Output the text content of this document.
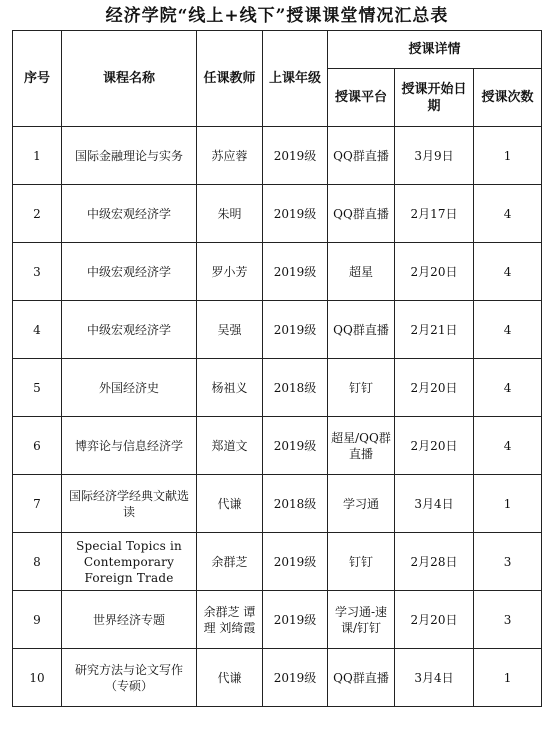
经济学院“线上+线下”授课课堂情况汇总表
序号	课程名称	任课教师	上课年级	授课详情		
				授课平台	授课开始日期	授课次数
1	国际金融理论与实务	苏应蓉	2019级	QQ群直播	3月9日	1
2	中级宏观经济学	朱明	2019级	QQ群直播	2月17日	4
3	中级宏观经济学	罗小芳	2019级	超星	2月20日	4
4	中级宏观经济学	吴强	2019级	QQ群直播	2月21日	4
5	外国经济史	杨祖义	2018级	钉钉	2月20日	4
6	博弈论与信息经济学	郑道文	2019级	超星/QQ群直播	2月20日	4
7	国际经济学经典文献选读	代谦	2018级	学习通	3月4日	1
8	Special Topics in Contemporary Foreign Trade	余群芝	2019级	钉钉	2月28日	3
9	世界经济专题	余群芝 谭理 刘绮霞	2019级	学习通-速课/钉钉	2月20日	3
10	研究方法与论文写作（专硕）	代谦	2019级	QQ群直播	3月4日	1
